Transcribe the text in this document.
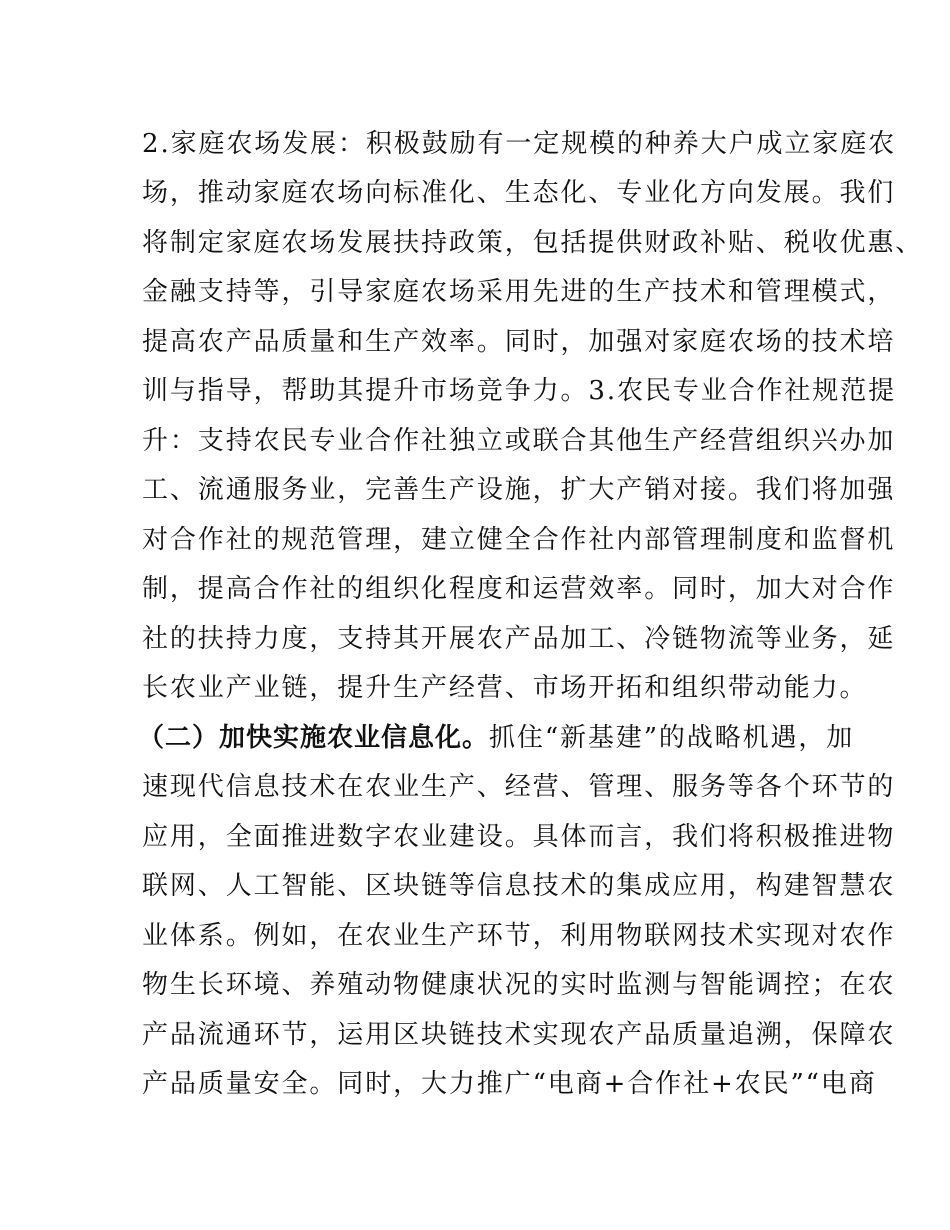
2.家庭农场发展：积极鼓励有一定规模的种养大户成立家庭农
场，推动家庭农场向标准化、生态化、专业化方向发展。我们
将制定家庭农场发展扶持政策，包括提供财政补贴、税收优惠、
金融支持等，引导家庭农场采用先进的生产技术和管理模式，
提高农产品质量和生产效率。同时，加强对家庭农场的技术培
训与指导，帮助其提升市场竞争力。3.农民专业合作社规范提
升：支持农民专业合作社独立或联合其他生产经营组织兴办加
工、流通服务业，完善生产设施，扩大产销对接。我们将加强
对合作社的规范管理，建立健全合作社内部管理制度和监督机
制，提高合作社的组织化程度和运营效率。同时，加大对合作
社的扶持力度，支持其开展农产品加工、冷链物流等业务，延
长农业产业链，提升生产经营、市场开拓和组织带动能力。
（二）加快实施农业信息化。抓住“新基建”的战略机遇，加
速现代信息技术在农业生产、经营、管理、服务等各个环节的
应用，全面推进数字农业建设。具体而言，我们将积极推进物
联网、人工智能、区块链等信息技术的集成应用，构建智慧农
业体系。例如，在农业生产环节，利用物联网技术实现对农作
物生长环境、养殖动物健康状况的实时监测与智能调控；在农
产品流通环节，运用区块链技术实现农产品质量追溯，保障农
产品质量安全。同时，大力推广“电商+合作社+农民”“电商
